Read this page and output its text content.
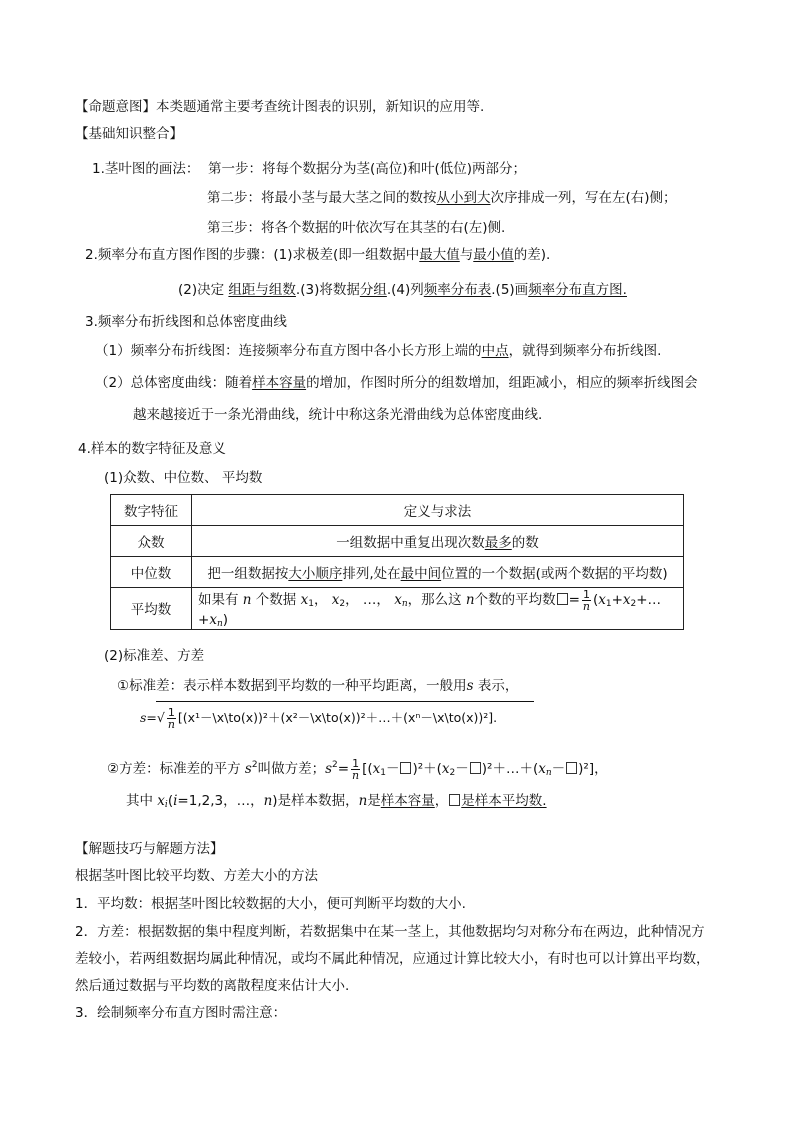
【命题意图】本类题通常主要考查统计图表的识别，新知识的应用等.
【基础知识整合】
1.茎叶图的画法： 第一步：将每个数据分为茎(高位)和叶(低位)两部分；
第二步：将最小茎与最大茎之间的数按从小到大次序排成一列，写在左(右)侧；
第三步：将各个数据的叶依次写在其茎的右(左)侧.
2.频率分布直方图作图的步骤：(1)求极差(即一组数据中最大值与最小值的差).
(2)决定 组距与组数.(3)将数据分组.(4)列频率分布表.(5)画频率分布直方图.
3.频率分布折线图和总体密度曲线
（1）频率分布折线图：连接频率分布直方图中各小长方形上端的中点，就得到频率分布折线图.
（2）总体密度曲线：随着样本容量的增加，作图时所分的组数增加，组距减小，相应的频率折线图会
越来越接近于一条光滑曲线，统计中称这条光滑曲线为总体密度曲线.
4.样本的数字特征及意义
(1)众数、中位数、 平均数
数字特征	定义与求法
众数	一组数据中重复出现次数最多的数
中位数	把一组数据按大小顺序排列,处在最中间位置的一个数据(或两个数据的平均数)
平均数	如果有 n 个数据 x1， x2， …， xn，那么这 n个数的平均数 = $\frac{1}{n}$ (x1+x2+…+xn)
(2)标准差、方差
①标准差：表示样本数据到平均数的一种平均距离，一般用s 表示，
$s=√ \frac{1}{n}$ [(x¹－\x\to(x))²＋(x²－\x\to(x))²＋…＋(xⁿ－\x\to(x))²].
②方差：标准差的平方 $s^2$叫做方差；$s^2= \frac{1}{n} [(x1- )^2+(x2-$ )²＋…＋(xn－ )²]，
其中 xi(i=1,2,3，…，n)是样本数据，n是样本容量， 是样本平均数.
【解题技巧与解题方法】
根据茎叶图比较平均数、方差大小的方法
1．平均数：根据茎叶图比较数据的大小，便可判断平均数的大小.
2．方差：根据数据的集中程度判断，若数据集中在某一茎上，其他数据均匀对称分布在两边，此种情况方
差较小，若两组数据均属此种情况，或均不属此种情况，应通过计算比较大小，有时也可以计算出平均数，
然后通过数据与平均数的离散程度来估计大小.
3．绘制频率分布直方图时需注意：
